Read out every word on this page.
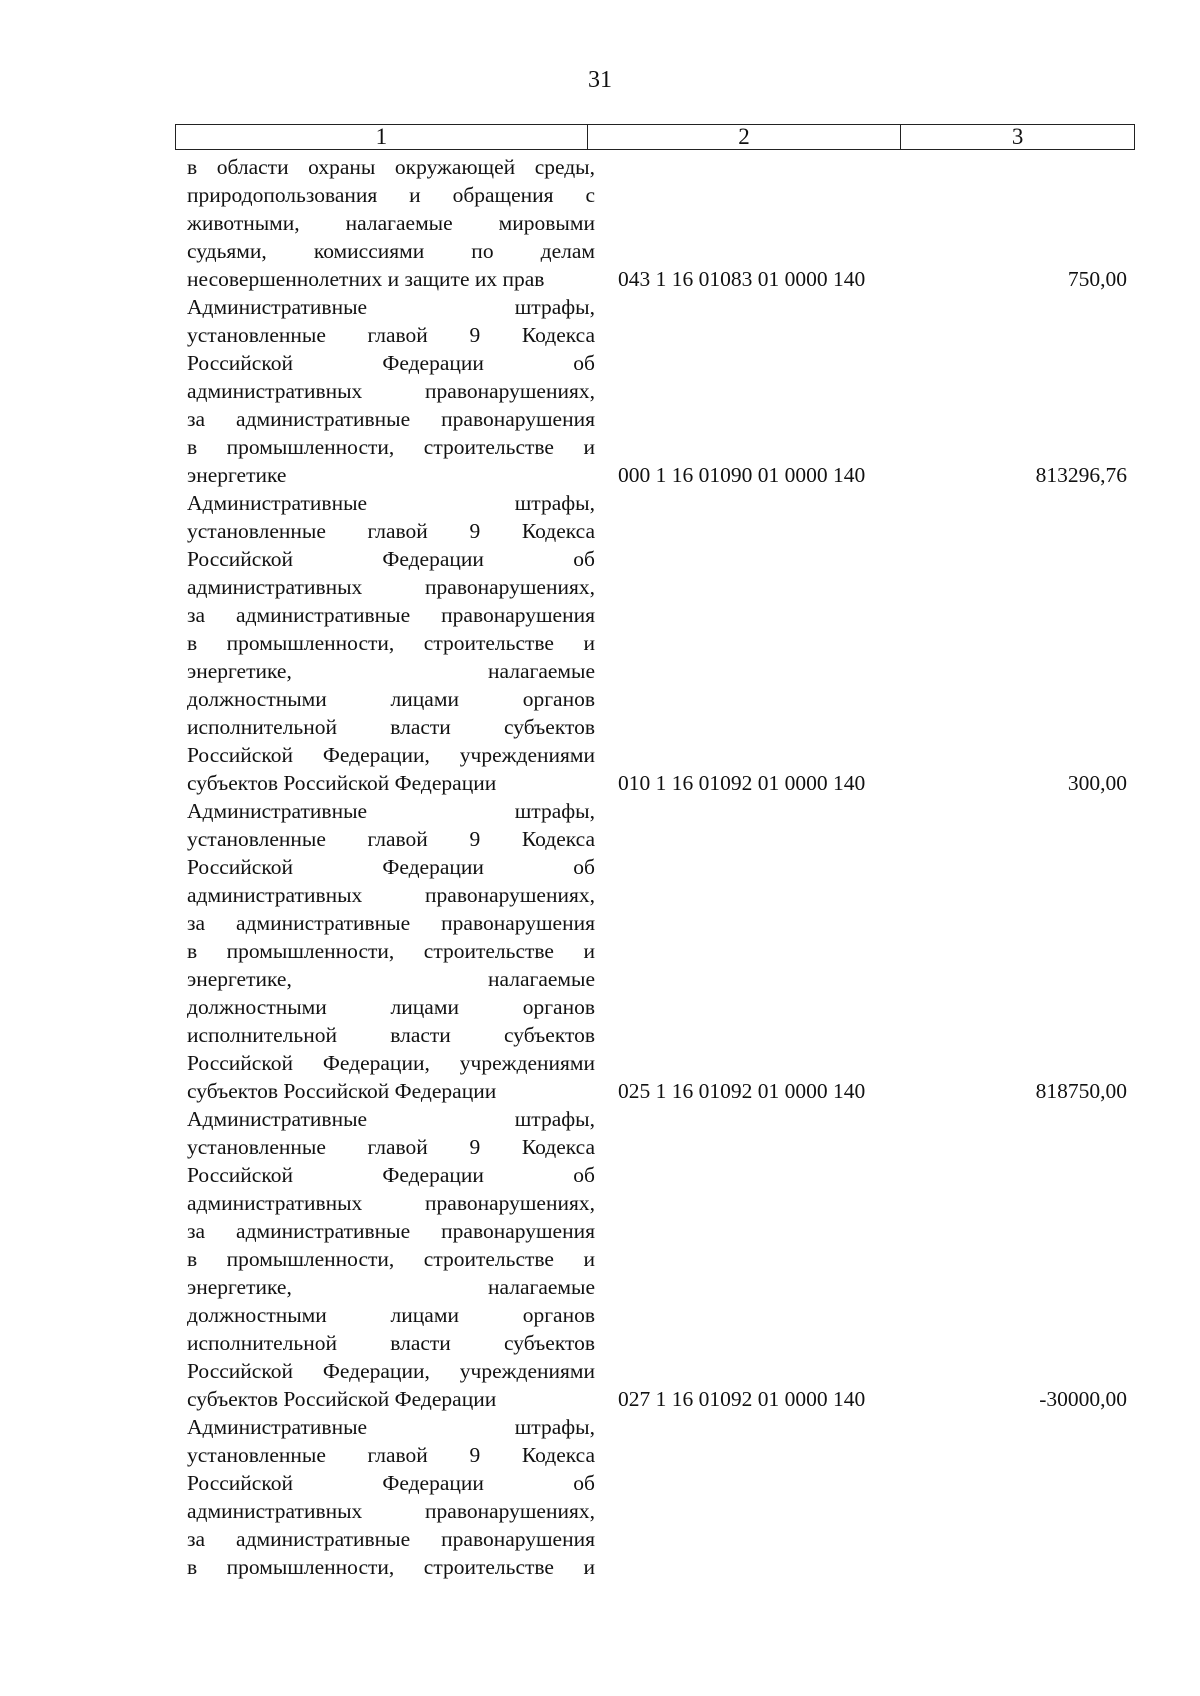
31
1	2	3
в области охраны окружающей среды,
природопользования и обращения с
животными, налагаемые мировыми
судьями, комиссиями по делам
несовершеннолетних и защите их прав	043 1 16 01083 01 0000 140	750,00
Административные штрафы,
установленные главой 9 Кодекса
Российской Федерации об
административных правонарушениях,
за административные правонарушения
в промышленности, строительстве и
энергетике	000 1 16 01090 01 0000 140	813296,76
Административные штрафы,
установленные главой 9 Кодекса
Российской Федерации об
административных правонарушениях,
за административные правонарушения
в промышленности, строительстве и
энергетике, налагаемые
должностными лицами органов
исполнительной власти субъектов
Российской Федерации, учреждениями
субъектов Российской Федерации	010 1 16 01092 01 0000 140	300,00
Административные штрафы,
установленные главой 9 Кодекса
Российской Федерации об
административных правонарушениях,
за административные правонарушения
в промышленности, строительстве и
энергетике, налагаемые
должностными лицами органов
исполнительной власти субъектов
Российской Федерации, учреждениями
субъектов Российской Федерации	025 1 16 01092 01 0000 140	818750,00
Административные штрафы,
установленные главой 9 Кодекса
Российской Федерации об
административных правонарушениях,
за административные правонарушения
в промышленности, строительстве и
энергетике, налагаемые
должностными лицами органов
исполнительной власти субъектов
Российской Федерации, учреждениями
субъектов Российской Федерации	027 1 16 01092 01 0000 140	-30000,00
Административные штрафы,
установленные главой 9 Кодекса
Российской Федерации об
административных правонарушениях,
за административные правонарушения
в промышленности, строительстве и
